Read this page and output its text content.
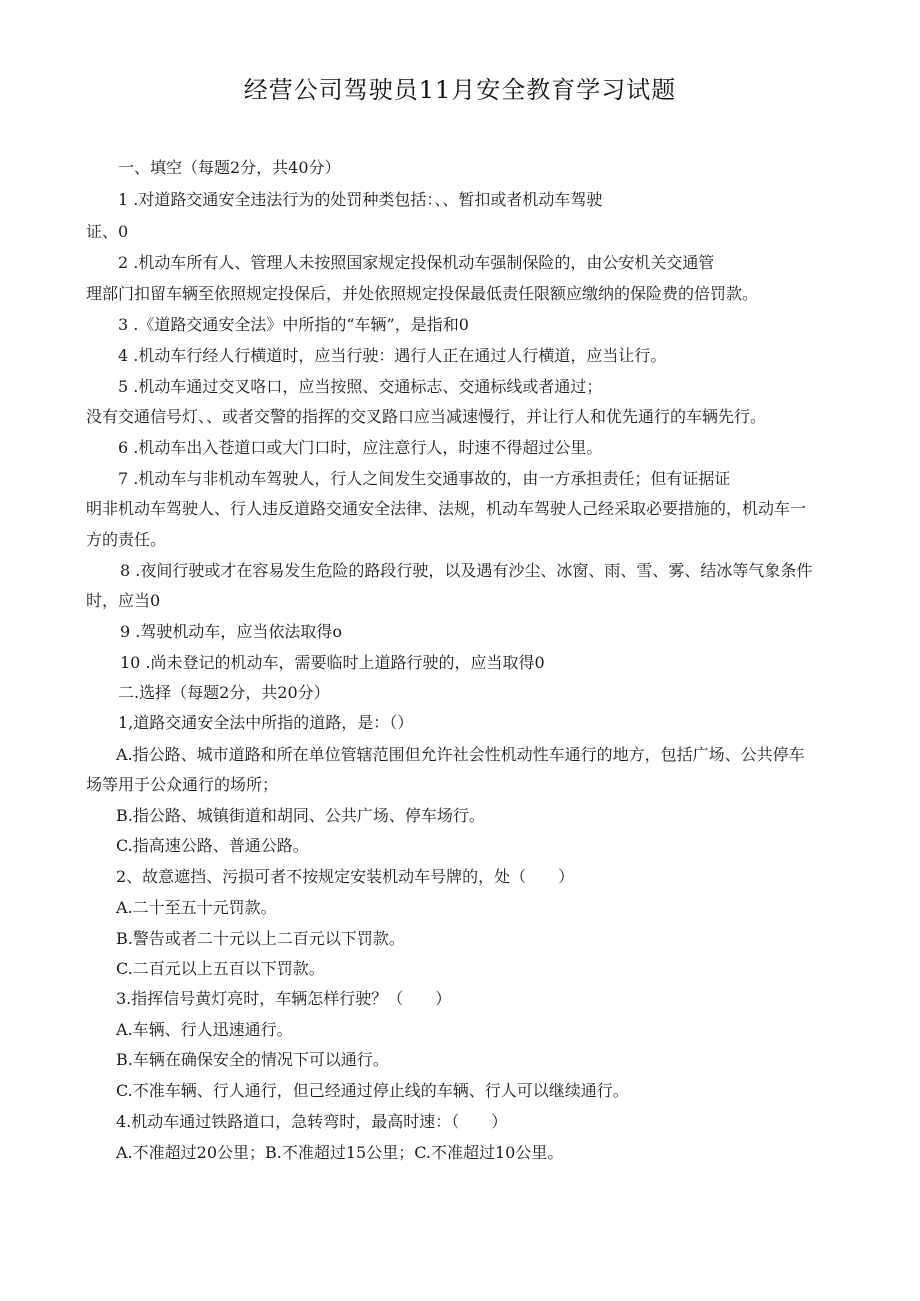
经营公司驾驶员11月安全教育学习试题
一、填空（每题2分，共40分）
1 .对道路交通安全违法行为的处罚种类包括：、、暂扣或者机动车驾驶
证、0
2 .机动车所有人、管理人未按照国家规定投保机动车强制保险的，由公安机关交通管
理部门扣留车辆至依照规定投保后，并处依照规定投保最低责任限额应缴纳的保险费的倍罚款。
3 .《道路交通安全法》中所指的“车辆”，是指和0
4 .机动车行经人行横道时，应当行驶：遇行人正在通过人行横道，应当让行。
5 .机动车通过交叉咯口，应当按照、交通标志、交通标线或者通过；
没有交通信号灯、、或者交警的指挥的交叉路口应当减速慢行，并让行人和优先通行的车辆先行。
6 .机动车出入苍道口或大门口时，应注意行人，时速不得超过公里。
7 .机动车与非机动车驾驶人，行人之间发生交通事故的，由一方承担责任；但有证据证
明非机动车驾驶人、行人违反道路交通安全法律、法规，机动车驾驶人己经采取必要措施的，机动车一
方的责任。
8 .夜间行驶或才在容易发生危险的路段行驶，以及遇有沙尘、冰窗、雨、雪、雾、结冰等气象条件
时，应当0
9 .驾驶机动车，应当依法取得o
10 .尚未登记的机动车，需要临时上道路行驶的，应当取得0
二.选择（每题2分，共20分）
1,道路交通安全法中所指的道路，是：（）
A.指公路、城市道路和所在单位管辖范围但允许社会性机动性车通行的地方，包括广场、公共停车
场等用于公众通行的场所；
B.指公路、城镇街道和胡同、公共广场、停车场行。
C.指高速公路、普通公路。
2、故意遮挡、污损可者不按规定安装机动车号牌的，处（　　）
A.二十至五十元罚款。
B.警告或者二十元以上二百元以下罚款。
C.二百元以上五百以下罚款。
3.指挥信号黄灯亮时，车辆怎样行驶？（　　）
A.车辆、行人迅速通行。
B.车辆在确保安全的情况下可以通行。
C.不准车辆、行人通行，但己经通过停止线的车辆、行人可以继续通行。
4.机动车通过铁路道口，急转弯时，最高时速：（　　）
A.不准超过20公里；B.不准超过15公里；C.不准超过10公里。
